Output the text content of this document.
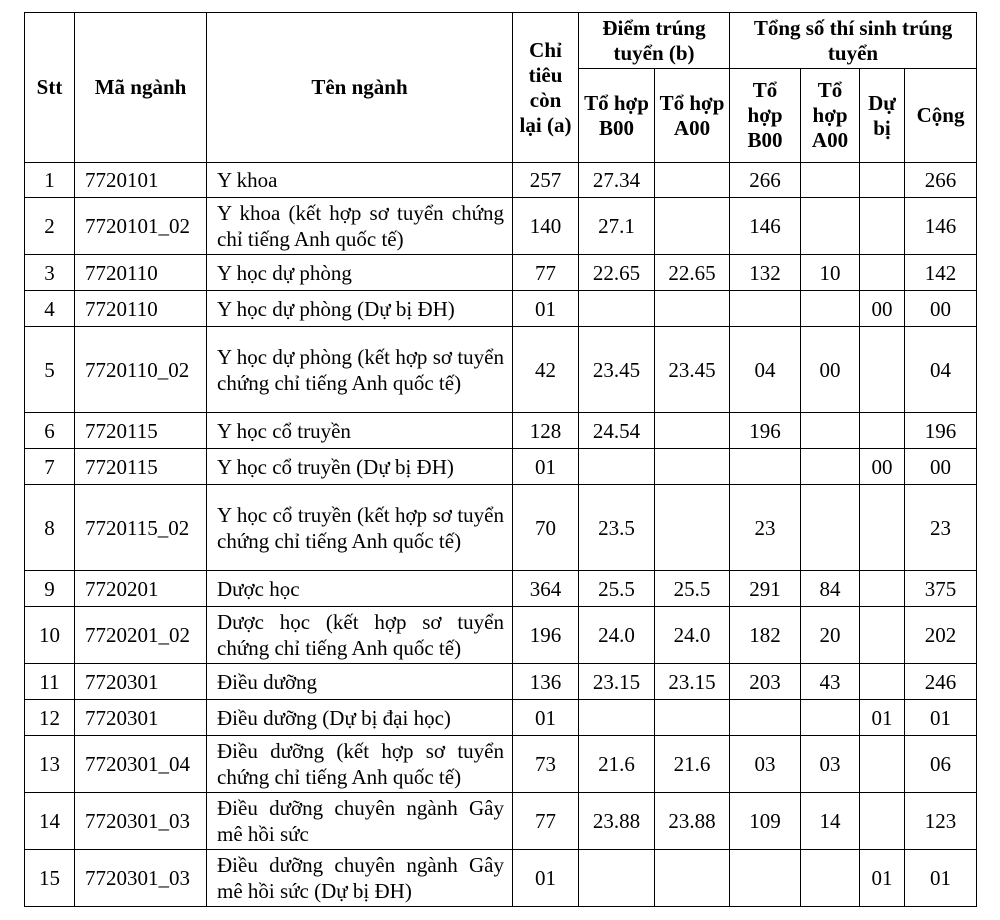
Stt	Mã ngành	Tên ngành	Chỉ tiêu còn lại (a)	Điểm trúng tuyển (b)		Tổng số thí sinh trúng tuyển			
				Tổ hợp B00	Tổ hợp A00	Tổ hợp B00	Tổ hợp A00	Dự bị	Cộng
1	7720101	Y khoa	257	27.34		266			266
2	7720101_02	Y khoa (kết hợp sơ tuyển chứng chỉ tiếng Anh quốc tế)	140	27.1		146			146
3	7720110	Y học dự phòng	77	22.65	22.65	132	10		142
4	7720110	Y học dự phòng (Dự bị ĐH)	01					00	00
5	7720110_02	Y học dự phòng (kết hợp sơ tuyển chứng chỉ tiếng Anh quốc tế)	42	23.45	23.45	04	00		04
6	7720115	Y học cổ truyền	128	24.54		196			196
7	7720115	Y học cổ truyền (Dự bị ĐH)	01					00	00
8	7720115_02	Y học cổ truyền (kết hợp sơ tuyển chứng chỉ tiếng Anh quốc tế)	70	23.5		23			23
9	7720201	Dược học	364	25.5	25.5	291	84		375
10	7720201_02	Dược học (kết hợp sơ tuyển chứng chỉ tiếng Anh quốc tế)	196	24.0	24.0	182	20		202
11	7720301	Điều dưỡng	136	23.15	23.15	203	43		246
12	7720301	Điều dưỡng (Dự bị đại học)	01					01	01
13	7720301_04	Điều dưỡng (kết hợp sơ tuyển chứng chỉ tiếng Anh quốc tế)	73	21.6	21.6	03	03		06
14	7720301_03	Điều dưỡng chuyên ngành Gây mê hồi sức	77	23.88	23.88	109	14		123
15	7720301_03	Điều dưỡng chuyên ngành Gây mê hồi sức (Dự bị ĐH)	01					01	01
